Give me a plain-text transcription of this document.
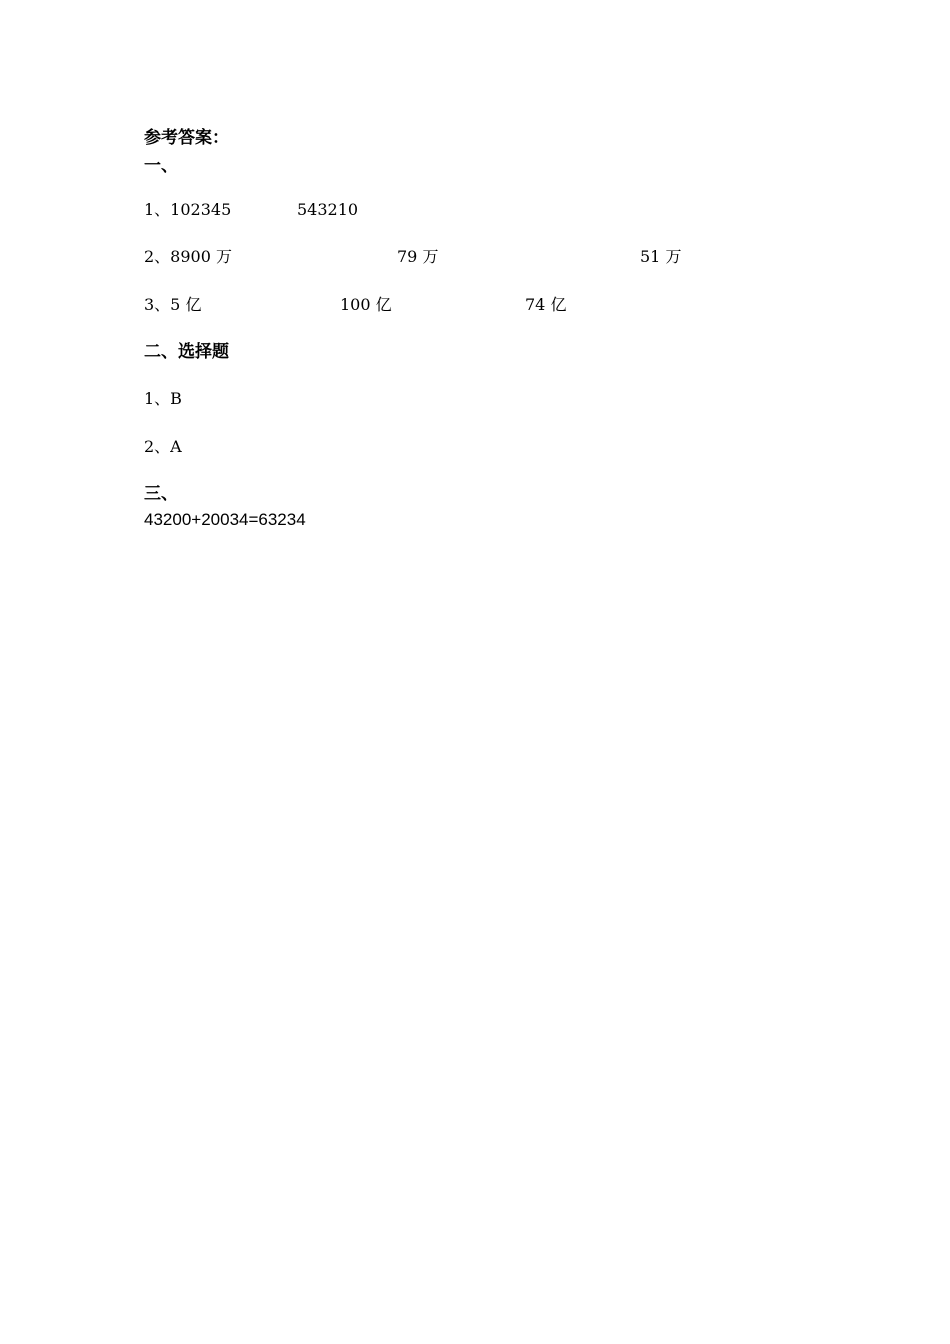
参考答案：
一、
1、102345	543210
2、8900 万	79 万	51 万
3、5 亿	100 亿	74 亿
二、选择题
1、B
2、A
三、
43200+20034=63234
